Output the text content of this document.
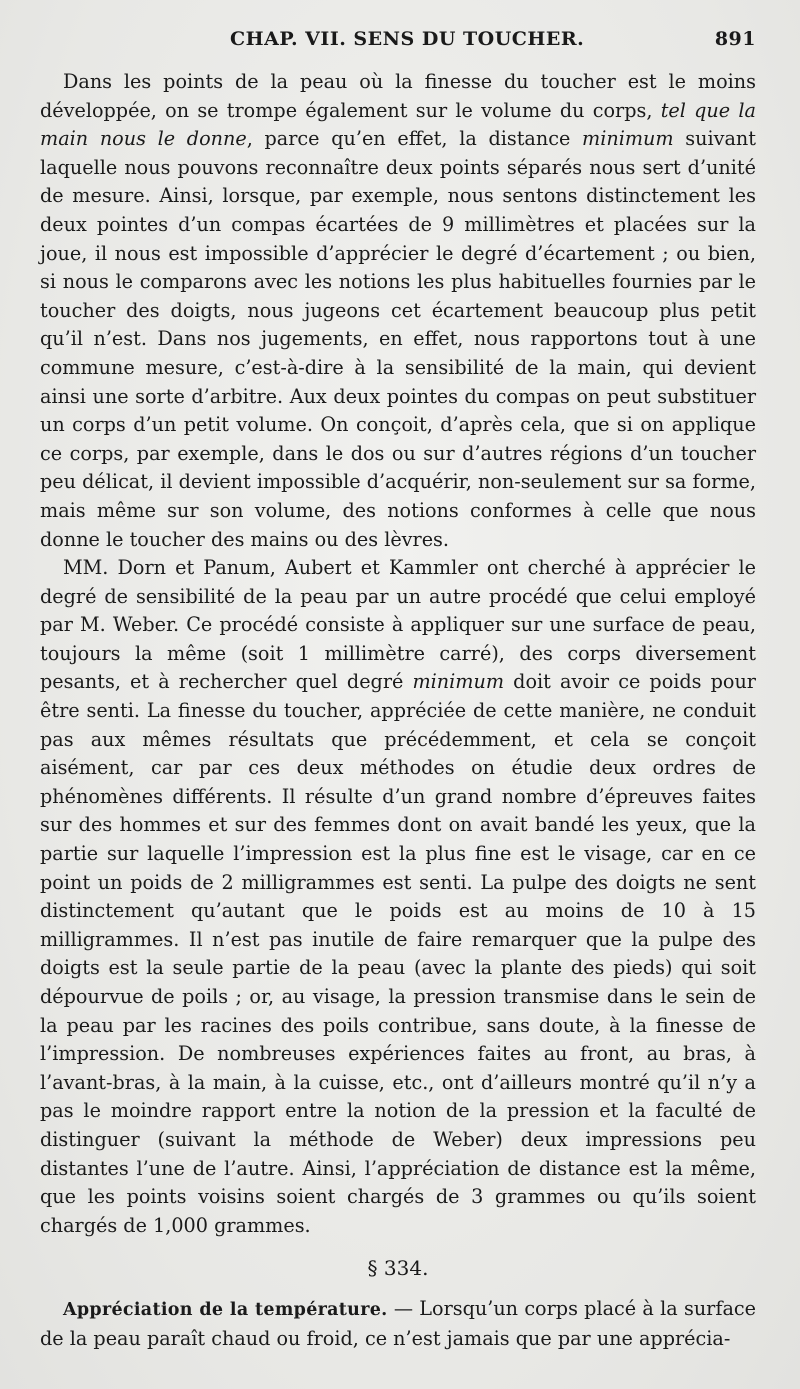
CHAP. VII. SENS DU TOUCHER.	891

Dans les points de la peau où la finesse du toucher est le moins développée, on se trompe également sur le volume du corps, tel que la main nous le donne, parce qu’en effet, la distance minimum suivant laquelle nous pouvons reconnaître deux points séparés nous sert d’unité de mesure. Ainsi, lorsque, par exemple, nous sentons distinctement les deux pointes d’un compas écartées de 9 millimètres et placées sur la joue, il nous est impossible d’apprécier le degré d’écartement ; ou bien, si nous le comparons avec les notions les plus habituelles fournies par le toucher des doigts, nous jugeons cet écartement beaucoup plus petit qu’il n’est. Dans nos jugements, en effet, nous rapportons tout à une commune mesure, c’est-à-dire à la sensibilité de la main, qui devient ainsi une sorte d’arbitre. Aux deux pointes du compas on peut substituer un corps d’un petit volume. On conçoit, d’après cela, que si on applique ce corps, par exemple, dans le dos ou sur d’autres régions d’un toucher peu délicat, il devient impossible d’acquérir, non-seulement sur sa forme, mais même sur son volume, des notions conformes à celle que nous donne le toucher des mains ou des lèvres.

MM. Dorn et Panum, Aubert et Kammler ont cherché à apprécier le degré de sensibilité de la peau par un autre procédé que celui employé par M. Weber. Ce procédé consiste à appliquer sur une surface de peau, toujours la même (soit 1 millimètre carré), des corps diversement pesants, et à rechercher quel degré minimum doit avoir ce poids pour être senti. La finesse du toucher, appréciée de cette manière, ne conduit pas aux mêmes résultats que précédemment, et cela se conçoit aisément, car par ces deux méthodes on étudie deux ordres de phénomènes différents. Il résulte d’un grand nombre d’épreuves faites sur des hommes et sur des femmes dont on avait bandé les yeux, que la partie sur laquelle l’impression est la plus fine est le visage, car en ce point un poids de 2 milligrammes est senti. La pulpe des doigts ne sent distinctement qu’autant que le poids est au moins de 10 à 15 milligrammes. Il n’est pas inutile de faire remarquer que la pulpe des doigts est la seule partie de la peau (avec la plante des pieds) qui soit dépourvue de poils ; or, au visage, la pression transmise dans le sein de la peau par les racines des poils contribue, sans doute, à la finesse de l’impression. De nombreuses expériences faites au front, au bras, à l’avant-bras, à la main, à la cuisse, etc., ont d’ailleurs montré qu’il n’y a pas le moindre rapport entre la notion de la pression et la faculté de distinguer (suivant la méthode de Weber) deux impressions peu distantes l’une de l’autre. Ainsi, l’appréciation de distance est la même, que les points voisins soient chargés de 3 grammes ou qu’ils soient chargés de 1,000 grammes.

§ 334.

Appréciation de la température. — Lorsqu’un corps placé à la surface de la peau paraît chaud ou froid, ce n’est jamais que par une apprécia-
